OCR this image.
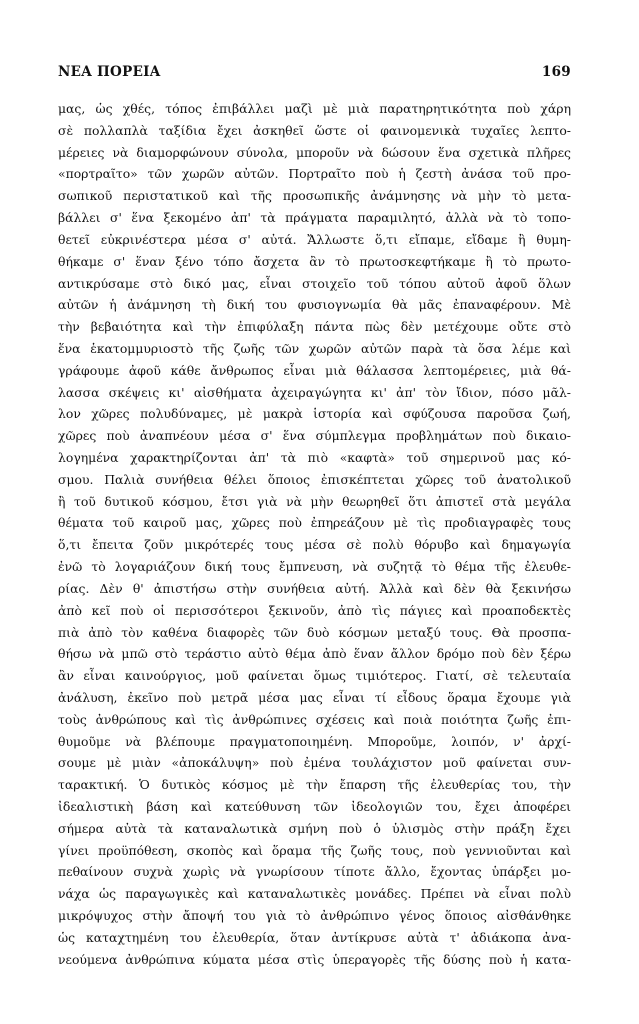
ΝΕΑ ΠΟΡΕΙΑ	169
μας, ὡς χθές, τόπος ἐπιβάλλει μαζὶ μὲ μιὰ παρατηρητικότητα ποὺ χάρη
σὲ πολλαπλὰ ταξίδια ἔχει ἀσκηθεῖ ὥστε οἱ φαινομενικὰ τυχαῖες λεπτο-
μέρειες νὰ διαμορφώνουν σύνολα, μποροῦν νὰ δώσουν ἕνα σχετικὰ πλῆρες
«πορτραῖτο» τῶν χωρῶν αὐτῶν. Πορτραῖτο ποὺ ἡ ζεστὴ ἀνάσα τοῦ προ-
σωπικοῦ περιστατικοῦ καὶ τῆς προσωπικῆς ἀνάμνησης νὰ μὴν τὸ μετα-
βάλλει σ' ἕνα ξεκομένο ἀπ' τὰ πράγματα παραμιλητό, ἀλλὰ νὰ τὸ τοπο-
θετεῖ εὐκρινέστερα μέσα σ' αὐτά. Ἄλλωστε ὅ,τι εἴπαμε, εἴδαμε ἢ θυμη-
θήκαμε σ' ἕναν ξένο τόπο ἄσχετα ἂν τὸ πρωτοσκεφτήκαμε ἢ τὸ πρωτο-
αντικρύσαμε στὸ δικό μας, εἶναι στοιχεῖο τοῦ τόπου αὐτοῦ ἀφοῦ ὅλων
αὐτῶν ἡ ἀνάμνηση τὴ δική του φυσιογνωμία θὰ μᾶς ἐπαναφέρουν. Μὲ
τὴν βεβαιότητα καὶ τὴν ἐπιφύλαξη πάντα πὼς δὲν μετέχουμε οὔτε στὸ
ἕνα ἑκατομμυριοστὸ τῆς ζωῆς τῶν χωρῶν αὐτῶν παρὰ τὰ ὅσα λέμε καὶ
γράφουμε ἀφοῦ κάθε ἄνθρωπος εἶναι μιὰ θάλασσα λεπτομέρειες, μιὰ θά-
λασσα σκέψεις κι' αἰσθήματα ἀχειραγώγητα κι' ἀπ' τὸν ἴδιον, πόσο μᾶλ-
λον χῶρες πολυδύναμες, μὲ μακρὰ ἱστορία καὶ σφύζουσα παροῦσα ζωή,
χῶρες ποὺ ἀναπνέουν μέσα σ' ἕνα σύμπλεγμα προβλημάτων ποὺ δικαιο-
λογημένα χαρακτηρίζονται ἀπ' τὰ πιὸ «καφτὰ» τοῦ σημερινοῦ μας κό-
σμου. Παλιὰ συνήθεια θέλει ὅποιος ἐπισκέπτεται χῶρες τοῦ ἀνατολικοῦ
ἢ τοῦ δυτικοῦ κόσμου, ἔτσι γιὰ νὰ μὴν θεωρηθεῖ ὅτι ἀπιστεῖ στὰ μεγάλα
θέματα τοῦ καιροῦ μας, χῶρες ποὺ ἐπηρεάζουν μὲ τὶς προδιαγραφὲς τους
ὅ,τι ἔπειτα ζοῦν μικρότερές τους μέσα σὲ πολὺ θόρυβο καὶ δημαγωγία
ἐνῶ τὸ λογαριάζουν δική τους ἔμπνευση, νὰ συζητᾷ τὸ θέμα τῆς ἐλευθε-
ρίας. Δὲν θ' ἀπιστήσω στὴν συνήθεια αὐτή. Ἀλλὰ καὶ δὲν θὰ ξεκινήσω
ἀπὸ κεῖ ποὺ οἱ περισσότεροι ξεκινοῦν, ἀπὸ τὶς πάγιες καὶ προαποδεκτὲς
πιὰ ἀπὸ τὸν καθένα διαφορὲς τῶν δυὸ κόσμων μεταξύ τους. Θὰ προσπα-
θήσω νὰ μπῶ στὸ τεράστιο αὐτὸ θέμα ἀπὸ ἕναν ἄλλον δρόμο ποὺ δὲν ξέρω
ἂν εἶναι καινούργιος, μοῦ φαίνεται ὅμως τιμιότερος. Γιατί, σὲ τελευταία
ἀνάλυση, ἐκεῖνο ποὺ μετρᾶ μέσα μας εἶναι τί εἶδους ὅραμα ἔχουμε γιὰ
τοὺς ἀνθρώπους καὶ τὶς ἀνθρώπινες σχέσεις καὶ ποιὰ ποιότητα ζωῆς ἐπι-
θυμοῦμε νὰ βλέπουμε πραγματοποιημένη. Μποροῦμε, λοιπόν, ν' ἀρχί-
σουμε μὲ μιὰν «ἀποκάλυψη» ποὺ ἐμένα τουλάχιστον μοῦ φαίνεται συν-
ταρακτική. Ὁ δυτικὸς κόσμος μὲ τὴν ἔπαρση τῆς ἐλευθερίας του, τὴν
ἰδεαλιστικὴ βάση καὶ κατεύθυνση τῶν ἰδεολογιῶν του, ἔχει ἀποφέρει
σήμερα αὐτὰ τὰ καταναλωτικὰ σμήνη ποὺ ὁ ὑλισμὸς στὴν πράξη ἔχει
γίνει προϋπόθεση, σκοπὸς καὶ ὅραμα τῆς ζωῆς τους, ποὺ γεννιοῦνται καὶ
πεθαίνουν συχνὰ χωρὶς νὰ γνωρίσουν τίποτε ἄλλο, ἔχοντας ὑπάρξει μο-
νάχα ὡς παραγωγικὲς καὶ καταναλωτικὲς μονάδες. Πρέπει νὰ εἶναι πολὺ
μικρόψυχος στὴν ἄποψή του γιὰ τὸ ἀνθρώπινο γένος ὅποιος αἰσθάνθηκε
ὡς καταχτημένη του ἐλευθερία, ὅταν ἀντίκρυσε αὐτὰ τ' ἀδιάκοπα ἀνα-
νεούμενα ἀνθρώπινα κύματα μέσα στὶς ὑπεραγορὲς τῆς δύσης ποὺ ἡ κατα-
